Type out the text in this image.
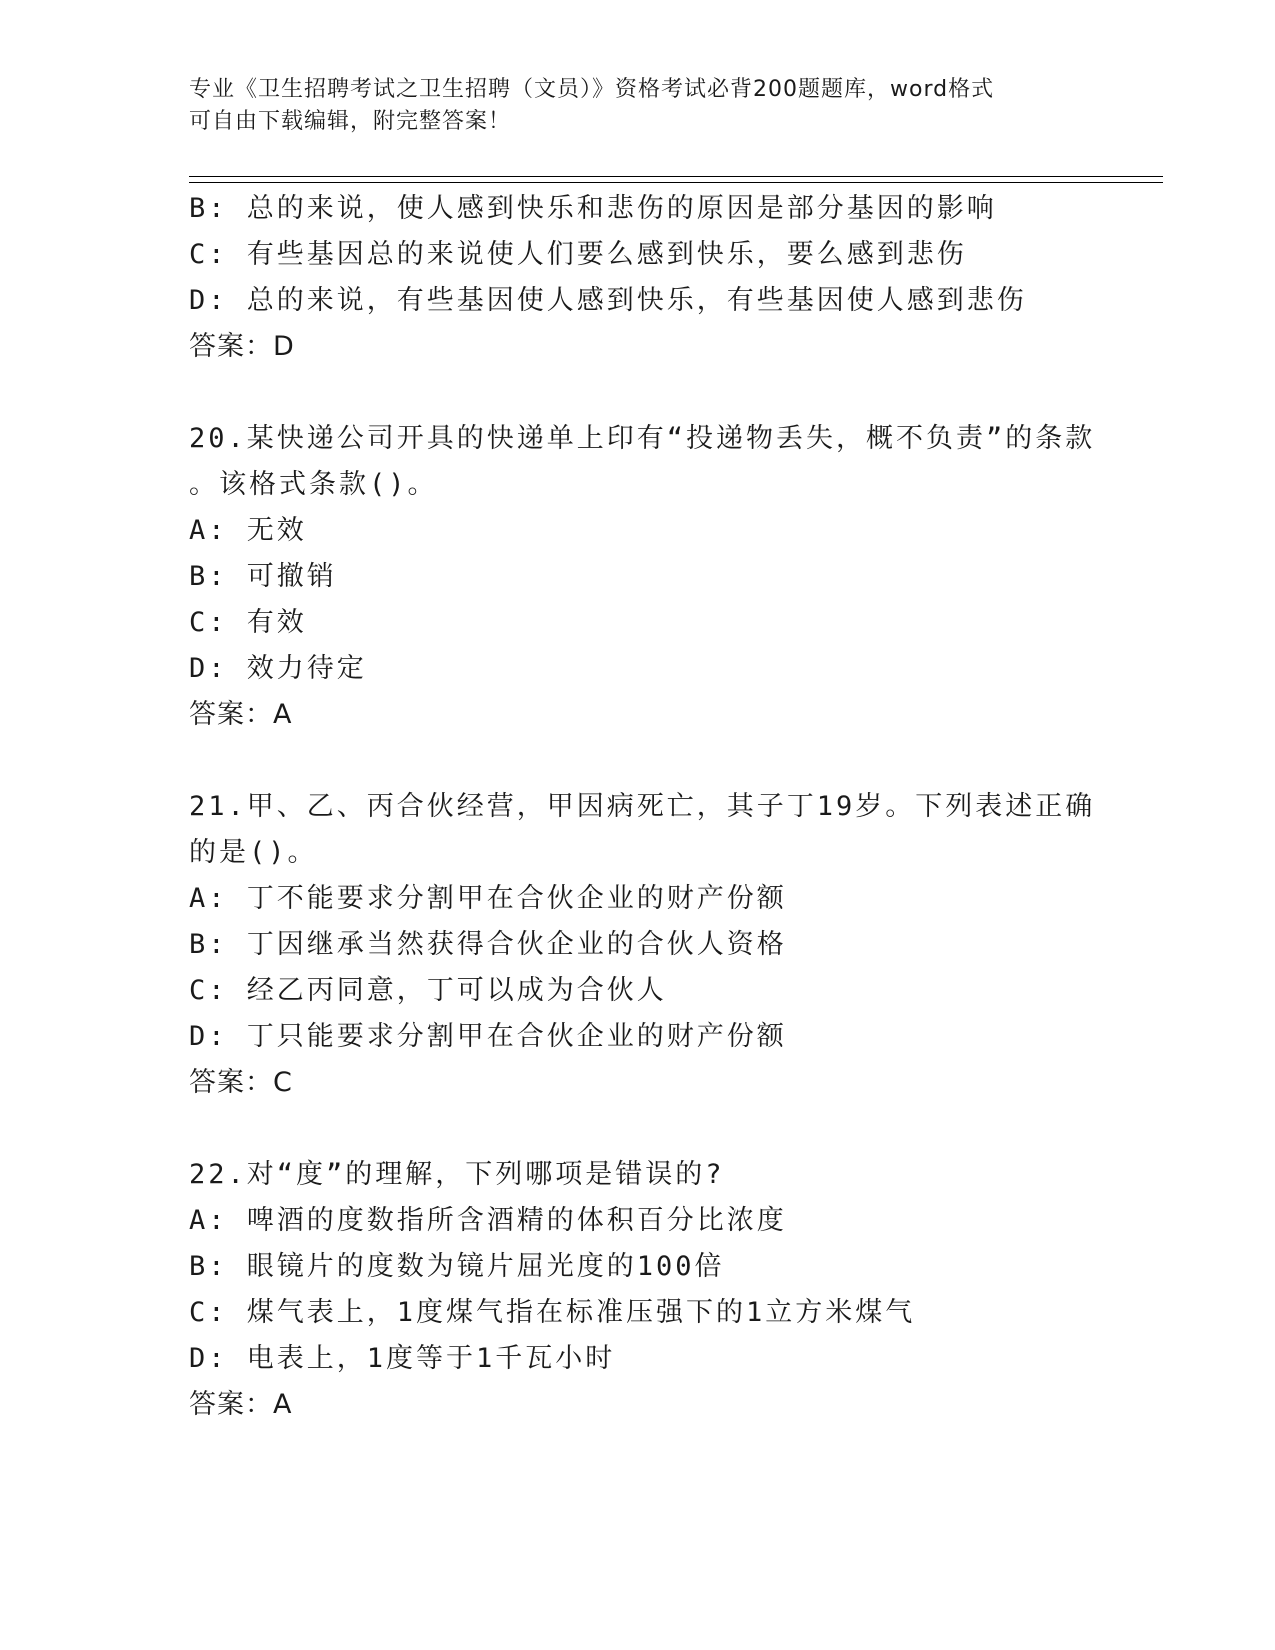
专业《卫生招聘考试之卫生招聘（文员）》资格考试必背200题题库，word格式
可自由下载编辑，附完整答案！
B: 总的来说，使人感到快乐和悲伤的原因是部分基因的影响
C: 有些基因总的来说使人们要么感到快乐，要么感到悲伤
D: 总的来说，有些基因使人感到快乐，有些基因使人感到悲伤
答案：D
20.某快递公司开具的快递单上印有“投递物丢失，概不负责”的条款
。该格式条款()。
A: 无效
B: 可撤销
C: 有效
D: 效力待定
答案：A
21.甲、乙、丙合伙经营，甲因病死亡，其子丁19岁。下列表述正确
的是()。
A: 丁不能要求分割甲在合伙企业的财产份额
B: 丁因继承当然获得合伙企业的合伙人资格
C: 经乙丙同意，丁可以成为合伙人
D: 丁只能要求分割甲在合伙企业的财产份额
答案：C
22.对“度”的理解，下列哪项是错误的?
A: 啤酒的度数指所含酒精的体积百分比浓度
B: 眼镜片的度数为镜片屈光度的100倍
C: 煤气表上，1度煤气指在标准压强下的1立方米煤气
D: 电表上，1度等于1千瓦小时
答案：A
